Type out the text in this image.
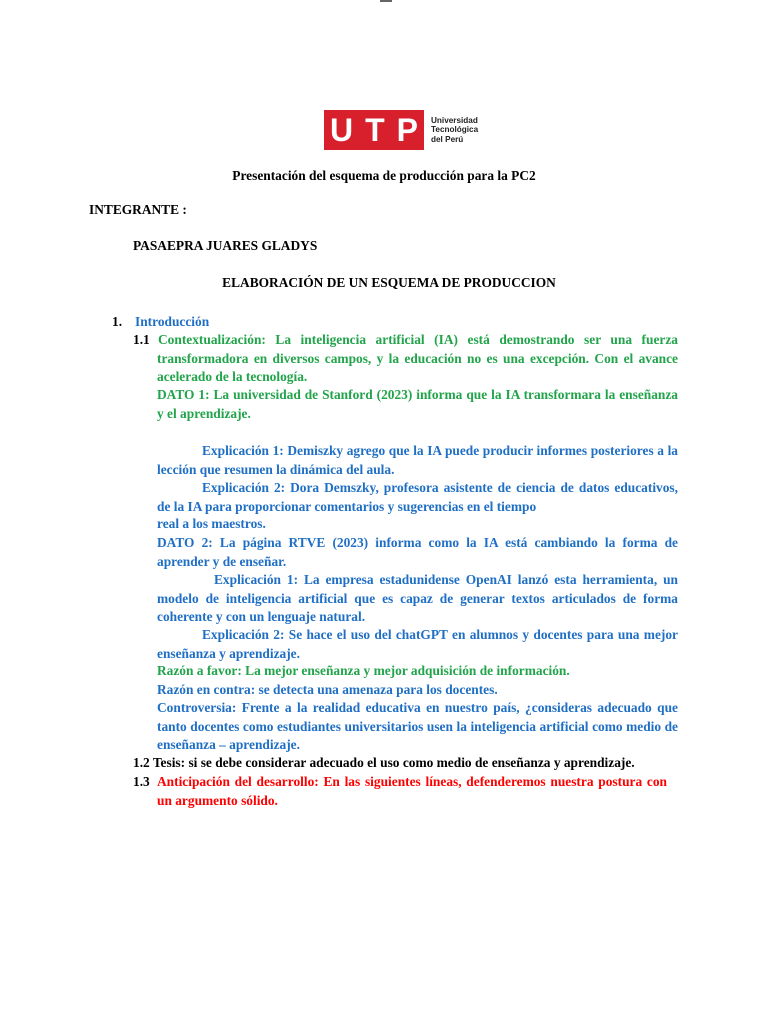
U T P Universidad
Tecnológica
del Perú
Presentación del esquema de producción para la PC2
INTEGRANTE :
PASAEPRA JUARES GLADYS
ELABORACIÓN DE UN ESQUEMA DE PRODUCCION
1. Introducción
1.1 Contextualización: La inteligencia artificial (IA) está demostrando ser una fuerza transformadora en diversos campos, y la educación no es una excepción. Con el avance acelerado de la tecnología.
DATO 1: La universidad de Stanford (2023) informa que la IA transformara la enseñanza y el aprendizaje.
Explicación 1: Demiszky agrego que la IA puede producir informes posteriores a la lección que resumen la dinámica del aula.
Explicación 2: Dora Demszky, profesora asistente de ciencia de datos educativos, de la IA para proporcionar comentarios y sugerencias en el tiempo
real a los maestros.
DATO 2: La página RTVE (2023) informa como la IA está cambiando la forma de aprender y de enseñar.
Explicación 1: La empresa estadunidense OpenAI lanzó esta herramienta, un modelo de inteligencia artificial que es capaz de generar textos articulados de forma coherente y con un lenguaje natural.
Explicación 2: Se hace el uso del chatGPT en alumnos y docentes para una mejor enseñanza y aprendizaje.
Razón a favor: La mejor enseñanza y mejor adquisición de información.
Razón en contra: se detecta una amenaza para los docentes.
Controversia: Frente a la realidad educativa en nuestro país, ¿consideras adecuado que tanto docentes como estudiantes universitarios usen la inteligencia artificial como medio de enseñanza – aprendizaje.
1.2 Tesis: si se debe considerar adecuado el uso como medio de enseñanza y aprendizaje.
1.3 Anticipación del desarrollo: En las siguientes líneas, defenderemos nuestra postura con un argumento sólido.
